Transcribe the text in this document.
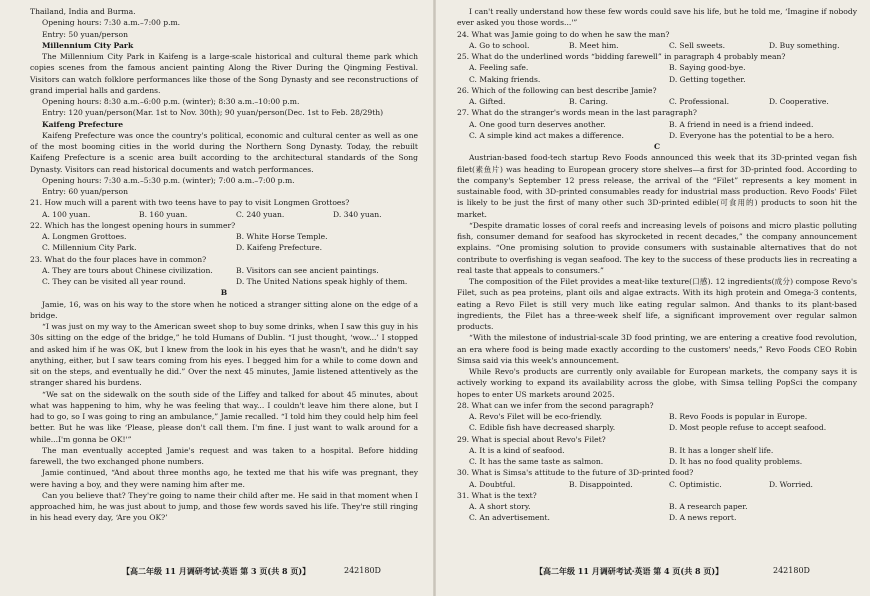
Thailand, India and Burma.

Opening hours: 7:30 a.m.–7:00 p.m.

Entry: 50 yuan/person

Millennium City Park

The Millennium City Park in Kaifeng is a large-scale historical and cultural theme park which copies scenes from the famous ancient painting Along the River During the Qingming Festival. Visitors can watch folklore performances like those of the Song Dynasty and see reconstructions of grand imperial halls and gardens.

Opening hours: 8:30 a.m.–6:00 p.m. (winter); 8:30 a.m.–10:00 p.m.

Entry: 120 yuan/person(Mar. 1st to Nov. 30th); 90 yuan/person(Dec. 1st to Feb. 28/29th)

Kaifeng Prefecture

Kaifeng Prefecture was once the country's political, economic and cultural center as well as one of the most booming cities in the world during the Northern Song Dynasty. Today, the rebuilt Kaifeng Prefecture is a scenic area built according to the architectural standards of the Song Dynasty. Visitors can read historical documents and watch performances.

Opening hours: 7:30 a.m.–5:30 p.m. (winter); 7:00 a.m.–7:00 p.m.

Entry: 60 yuan/person

21. How much will a parent with two teens have to pay to visit Longmen Grottoes?

A. 100 yuan.	B. 160 yuan.	C. 240 yuan.	D. 340 yuan.

22. Which has the longest opening hours in summer?

A. Longmen Grottoes.	B. White Horse Temple.
C. Millennium City Park.	D. Kaifeng Prefecture.

23. What do the four places have in common?

A. They are tours about Chinese civilization.	B. Visitors can see ancient paintings.
C. They can be visited all year round.	D. The United Nations speak highly of them.

B

Jamie, 16, was on his way to the store when he noticed a stranger sitting alone on the edge of a bridge.

“I was just on my way to the American sweet shop to buy some drinks, when I saw this guy in his 30s sitting on the edge of the bridge,” he told Humans of Dublin. “I just thought, ‘wow...’ I stopped and asked him if he was OK, but I knew from the look in his eyes that he wasn't, and he didn't say anything, either, but I saw tears coming from his eyes. I begged him for a while to come down and sit on the steps, and eventually he did.” Over the next 45 minutes, Jamie listened attentively as the stranger shared his burdens.

“We sat on the sidewalk on the south side of the Liffey and talked for about 45 minutes, about what was happening to him, why he was feeling that way... I couldn't leave him there alone, but I had to go, so I was going to ring an ambulance,” Jamie recalled. “I told him they could help him feel better. But he was like ‘Please, please don't call them. I'm fine. I just want to walk around for a while...I'm gonna be OK!'”

The man eventually accepted Jamie's request and was taken to a hospital. Before hidding farewell, the two exchanged phone numbers.

Jamie continued, “And about three months ago, he texted me that his wife was pregnant, they were having a boy, and they were naming him after me.

Can you believe that? They're going to name their child after me. He said in that moment when I approached him, he was just about to jump, and those few words saved his life. They're still ringing in his head every day, ‘Are you OK?’

【高二年级 11 月调研考试·英语 第 3 页(共 8 页)】	242180D

I can't really understand how these few words could save his life, but he told me, ‘Imagine if nobody ever asked you those words...'”

24. What was Jamie going to do when he saw the man?

A. Go to school.	B. Meet him.	C. Sell sweets.	D. Buy something.

25. What do the underlined words “bidding farewell” in paragraph 4 probably mean?

A. Feeling safe.	B. Saying good-bye.
C. Making friends.	D. Getting together.

26. Which of the following can best describe Jamie?

A. Gifted.	B. Caring.	C. Professional.	D. Cooperative.

27. What do the stranger's words mean in the last paragraph?

A. One good turn deserves another.	B. A friend in need is a friend indeed.
C. A simple kind act makes a difference.	D. Everyone has the potential to be a hero.

C

Austrian-based food-tech startup Revo Foods announced this week that its 3D-printed vegan fish filet(素鱼片) was heading to European grocery store shelves—a first for 3D-printed food. According to the company's September 12 press release, the arrival of the “Filet” represents a key moment in sustainable food, with 3D-printed consumables ready for industrial mass production. Revo Foods' Filet is likely to be just the first of many other such 3D-printed edible(可食用的) products to soon hit the market.

“Despite dramatic losses of coral reefs and increasing levels of poisons and micro plastic polluting fish, consumer demand for seafood has skyrocketed in recent decades,” the company announcement explains. “One promising solution to provide consumers with sustainable alternatives that do not contribute to overfishing is vegan seafood. The key to the success of these products lies in recreating a real taste that appeals to consumers.”

The composition of the Filet provides a meat-like texture(口感). 12 ingredients(成分) compose Revo's Filet, such as pea proteins, plant oils and algae extracts. With its high protein and Omega-3 contents, eating a Revo Filet is still very much like eating regular salmon. And thanks to its plant-based ingredients, the Filet has a three-week shelf life, a significant improvement over regular salmon products.

“With the milestone of industrial-scale 3D food printing, we are entering a creative food revolution, an era where food is being made exactly according to the customers' needs,” Revo Foods CEO Robin Simsa said via this week's announcement.

While Revo's products are currently only available for European markets, the company says it is actively working to expand its availability across the globe, with Simsa telling PopSci the company hopes to enter US markets around 2025.

28. What can we infer from the second paragraph?

A. Revo's Filet will be eco-friendly.	B. Revo Foods is popular in Europe.
C. Edible fish have decreased sharply.	D. Most people refuse to accept seafood.

29. What is special about Revo's Filet?

A. It is a kind of seafood.	B. It has a longer shelf life.
C. It has the same taste as salmon.	D. It has no food quality problems.

30. What is Simsa's attitude to the future of 3D-printed food?

A. Doubtful.	B. Disappointed.	C. Optimistic.	D. Worried.

31. What is the text?

A. A short story.	B. A research paper.
C. An advertisement.	D. A news report.
【高二年级 11 月调研考试·英语 第 4 页(共 8 页)】	242180D
